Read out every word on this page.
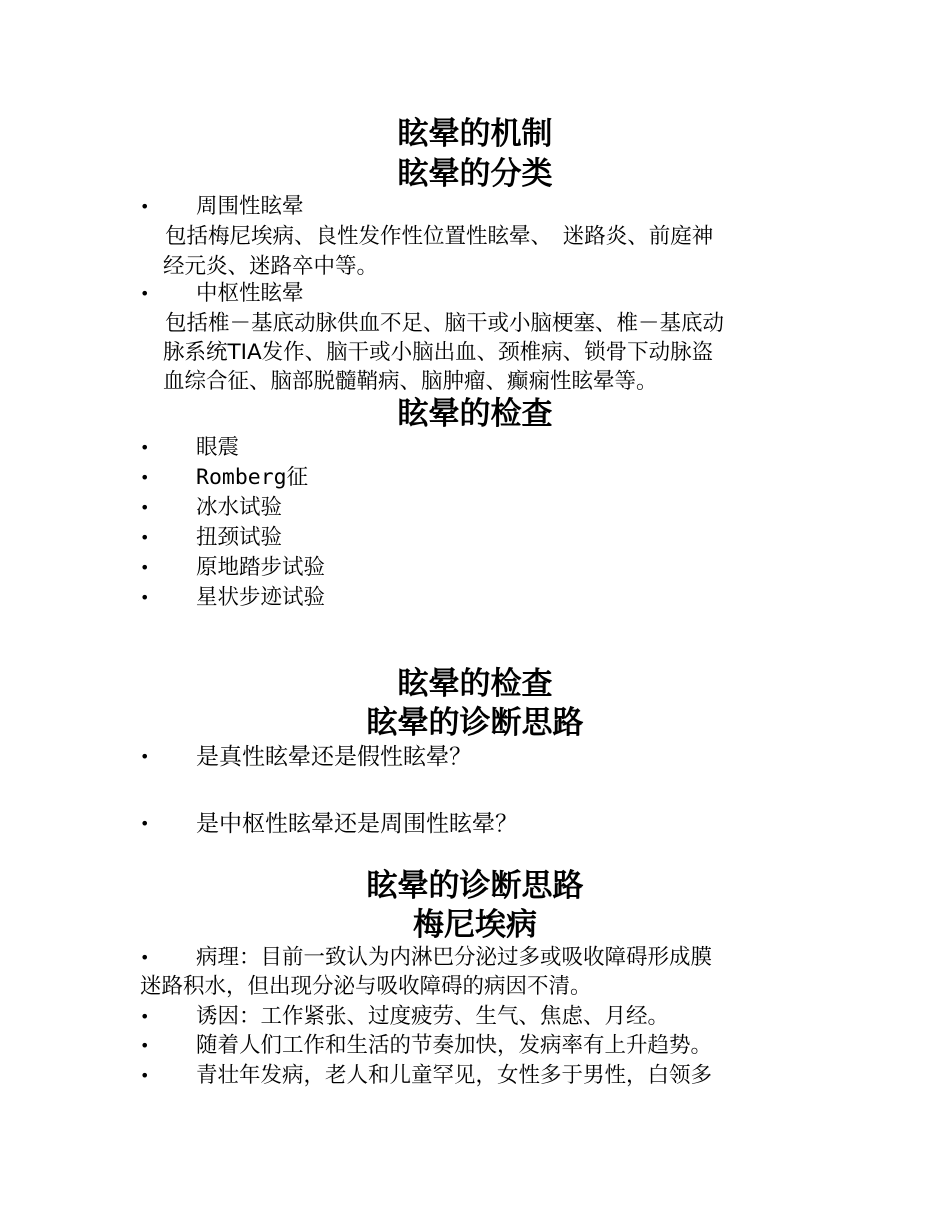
眩晕的机制
眩晕的分类
• 周围性眩晕
包括梅尼埃病、良性发作性位置性眩晕、　迷路炎、前庭神
经元炎、迷路卒中等。
• 中枢性眩晕
包括椎－基底动脉供血不足、脑干或小脑梗塞、椎－基底动
脉系统TIA发作、脑干或小脑出血、颈椎病、锁骨下动脉盗
血综合征、脑部脱髓鞘病、脑肿瘤、癫痫性眩晕等。
眩晕的检查
• 眼震
• Romberg征
• 冰水试验
• 扭颈试验
• 原地踏步试验
• 星状步迹试验
眩晕的检查
眩晕的诊断思路
• 是真性眩晕还是假性眩晕？
• 是中枢性眩晕还是周围性眩晕？
眩晕的诊断思路
梅尼埃病
• 病理：目前一致认为内淋巴分泌过多或吸收障碍形成膜
迷路积水，但出现分泌与吸收障碍的病因不清。
• 诱因：工作紧张、过度疲劳、生气、焦虑、月经。
• 随着人们工作和生活的节奏加快，发病率有上升趋势。
• 青壮年发病，老人和儿童罕见，女性多于男性，白领多
